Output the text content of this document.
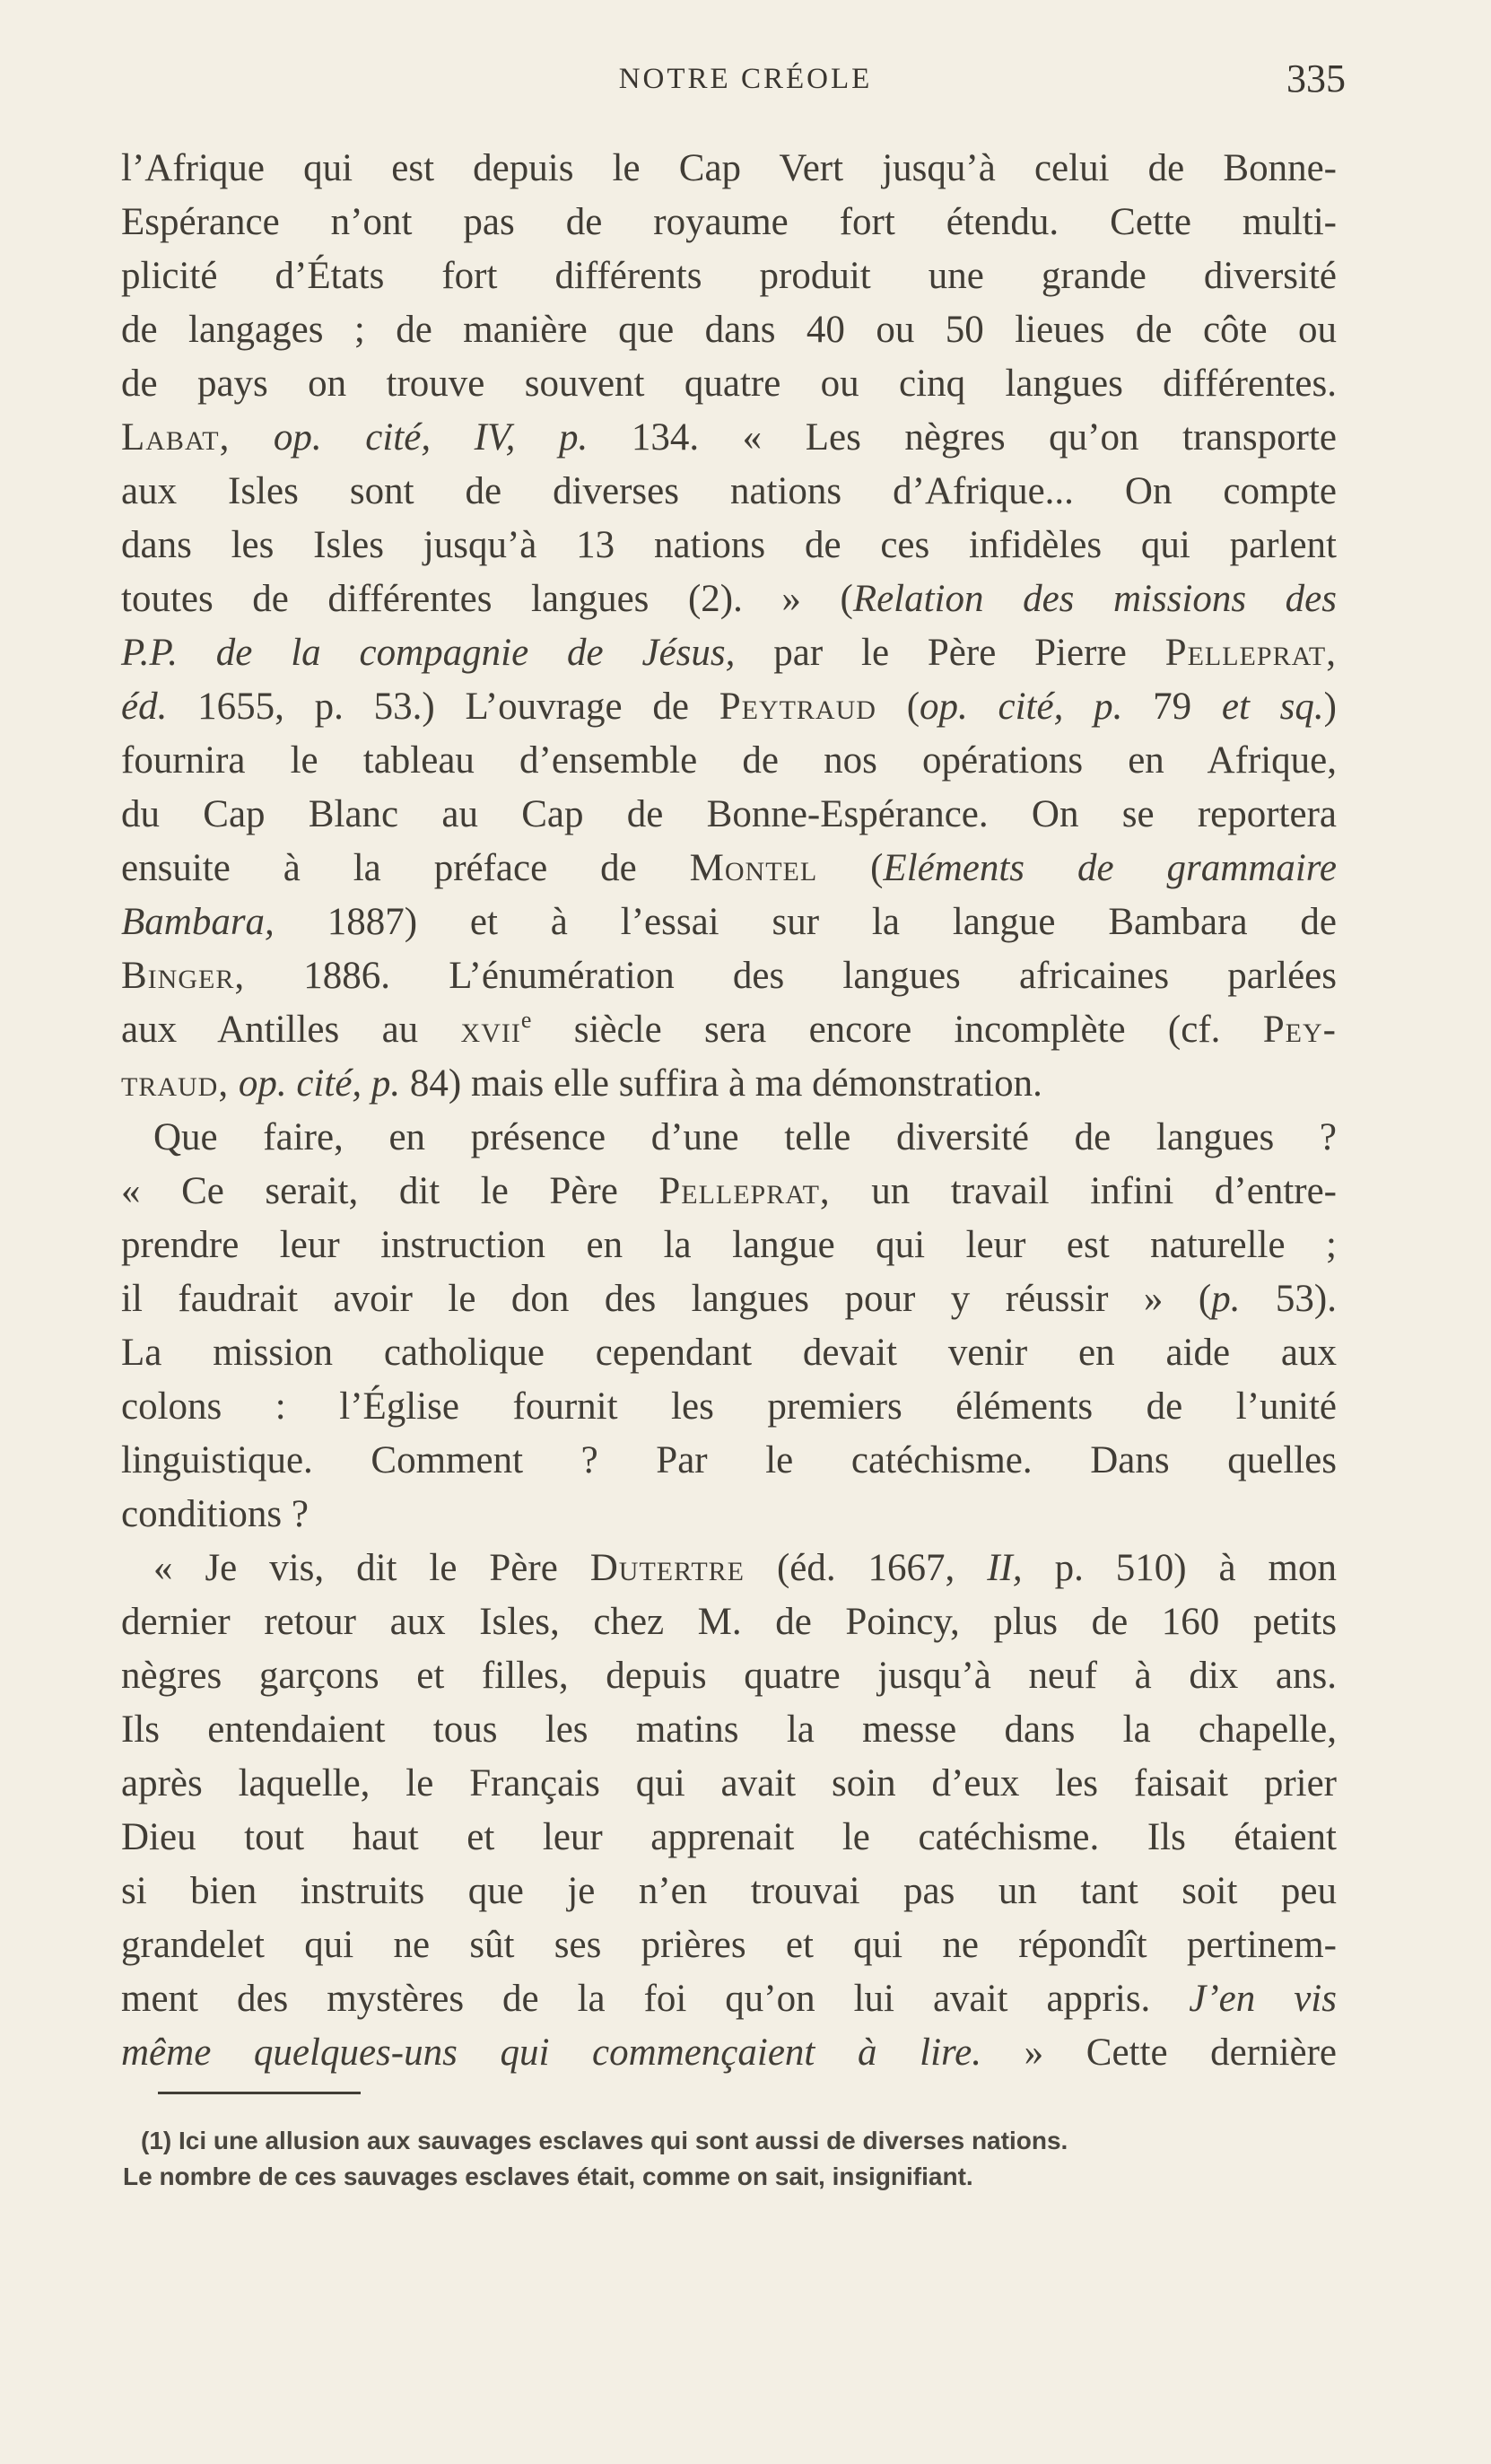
NOTRE CRÉOLE	335
l’Afrique qui est depuis le Cap Vert jusqu’à celui de Bonne-
Espérance n’ont pas de royaume fort étendu. Cette multi-
plicité d’États fort différents produit une grande diversité
de langages ; de manière que dans 40 ou 50 lieues de côte ou
de pays on trouve souvent quatre ou cinq langues différentes.
Labat, op. cité, IV, p. 134. « Les nègres qu’on transporte
aux Isles sont de diverses nations d’Afrique... On compte
dans les Isles jusqu’à 13 nations de ces infidèles qui parlent
toutes de différentes langues (2). » (Relation des missions des
P.P. de la compagnie de Jésus, par le Père Pierre Pelleprat,
éd. 1655, p. 53.) L’ouvrage de Peytraud (op. cité, p. 79 et sq.)
fournira le tableau d’ensemble de nos opérations en Afrique,
du Cap Blanc au Cap de Bonne-Espérance. On se reportera
ensuite à la préface de Montel (Eléments de grammaire
Bambara, 1887) et à l’essai sur la langue Bambara de
Binger, 1886. L’énumération des langues africaines parlées
aux Antilles au xvii$^e$ siècle sera encore incomplète (cf. Pey-
traud, op. cité, p. 84) mais elle suffira à ma démonstration.
Que faire, en présence d’une telle diversité de langues ?
« Ce serait, dit le Père Pelleprat, un travail infini d’entre-
prendre leur instruction en la langue qui leur est naturelle ;
il faudrait avoir le don des langues pour y réussir » (p. 53).
La mission catholique cependant devait venir en aide aux
colons : l’Église fournit les premiers éléments de l’unité
linguistique. Comment ? Par le catéchisme. Dans quelles
conditions ?
« Je vis, dit le Père Dutertre (éd. 1667, II, p. 510) à mon
dernier retour aux Isles, chez M. de Poincy, plus de 160 petits
nègres garçons et filles, depuis quatre jusqu’à neuf à dix ans.
Ils entendaient tous les matins la messe dans la chapelle,
après laquelle, le Français qui avait soin d’eux les faisait prier
Dieu tout haut et leur apprenait le catéchisme. Ils étaient
si bien instruits que je n’en trouvai pas un tant soit peu
grandelet qui ne sût ses prières et qui ne répondît pertinem-
ment des mystères de la foi qu’on lui avait appris. J’en vis
même quelques-uns qui commençaient à lire. » Cette dernière
(1) Ici une allusion aux sauvages esclaves qui sont aussi de diverses nations.
Le nombre de ces sauvages esclaves était, comme on sait, insignifiant.
